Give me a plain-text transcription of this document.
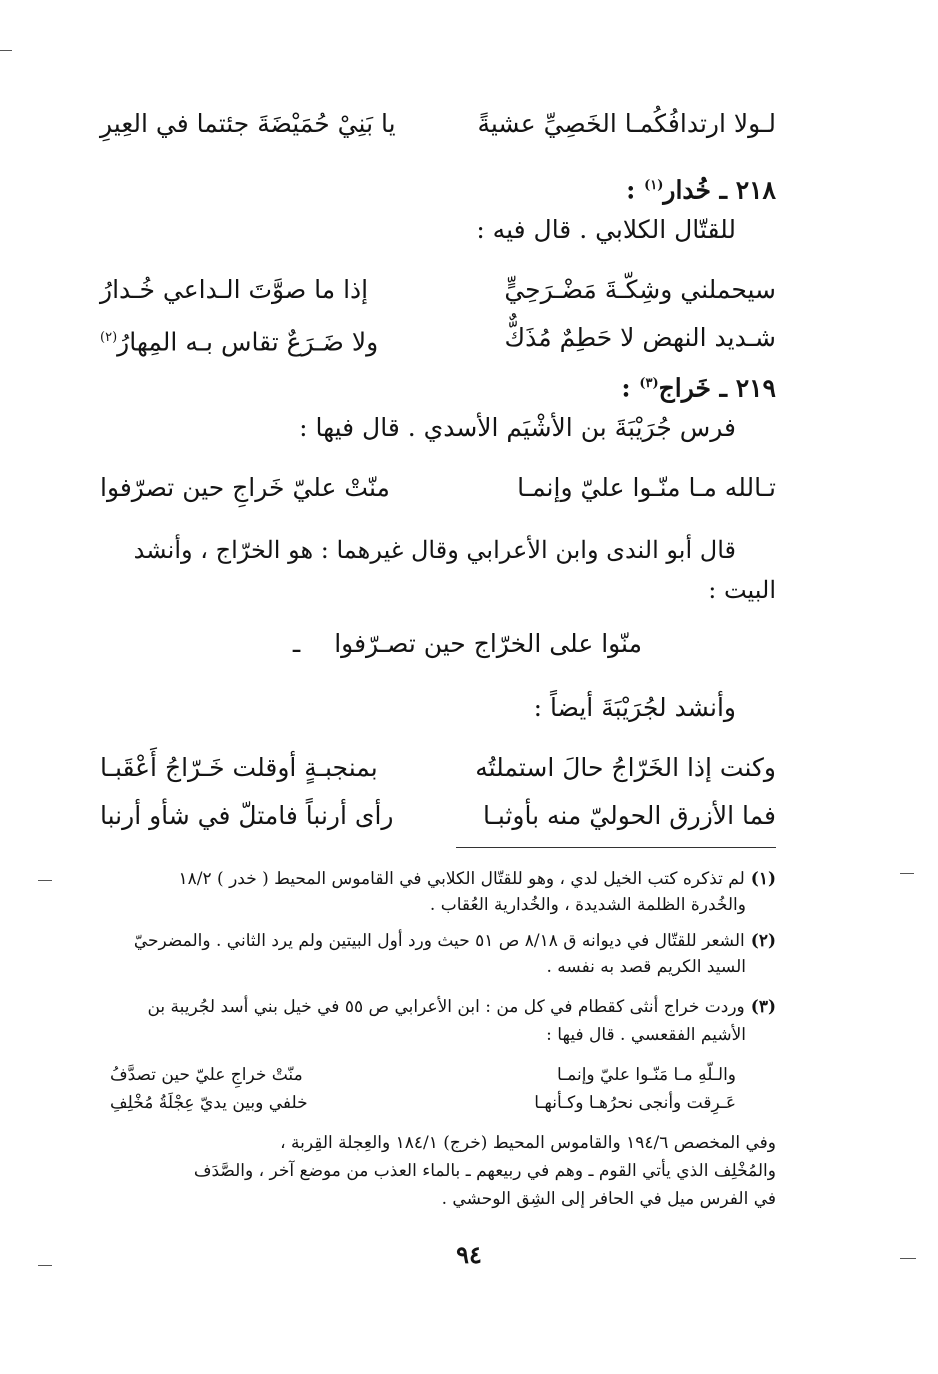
لـولا ارتدافُكُمـا الخَصِيِّ عشيةً
يا بَنِيْ حُمَيْضَةَ جئتما في العِيرِ
٢١٨ ـ خُدار$^{(١)}$ :
للقتّال الكلابي . قال فيه :
سيحملني وشِكّـةَ مَضْـرَحِيٍّ
إذا ما صوَّتَ الـداعي خُـدارُ
شـديد النهض لا حَطِمٌ مُذَكٌّ
ولا ضَـرَعٌ تقاس بـه المِهارُ$^{(٢)}$
٢١٩ ـ خَراج$^{(٣)}$ :
فرس جُرَيْبَةَ بن الأشْيَم الأسدي . قال فيها :
تـالله مـا منّـوا عليّ وإنمـا
منّتْ عليّ خَراجِ حين تصرّفوا
قال أبو الندى وابن الأعرابي وقال غيرهما : هو الخرّاج ، وأنشد البيت :
منّوا على الخرّاج حين تصـرّفوا ـ
وأنشد لجُرَيْبَةَ أيضاً :
وكنت إذا الخَرّاجُ حالَ استملتُه
بمنجبـةٍ أوقلت خَـرّاجُ أَعْقَبـا
فما الأزرق الحوليّ منه بأوثبـا
رأى أرنباً فامتلّ في شأو أرنبا
(١)لم تذكره كتب الخيل لدي ، وهو للقتّال الكلابي في القاموس المحيط ( خدر ) ١٨/٢
والخُدرة الظلمة الشديدة ، والخُدارية العُقاب .
(٢)الشعر للقتّال في ديوانه ق ٨/١٨ ص ٥١ حيث ورد أول البيتين ولم يرد الثاني . والمضرحيّ
السيد الكريم قصد به نفسه .
(٣)وردت خراج أنثى كقطام في كل من : ابن الأعرابي ص ٥٥ في خيل بني أسد لجُريبة بن
الأشيم الفقعسي . قال فيها :
والـلّهِ مـا مَنّـوا عليّ وإنمـا
منّتْ خراجِ عليّ حين تصدَّفُ
عَـرِقت وأنجى نحرُهـا وكـأنهـا
خلفي وبين يديّ عِجْلَةُ مُخْلِفِ
وفي المخصص ١٩٤/٦ والقاموس المحيط (خرج) ١٨٤/١ والعِجلة القِربة ،
والمُخْلِف الذي يأتي القوم ـ وهم في ربيعهم ـ بالماء العذب من موضع آخر ، والصَّدَف
في الفرس ميل في الحافر إلى الشِق الوحشي .
٩٤
